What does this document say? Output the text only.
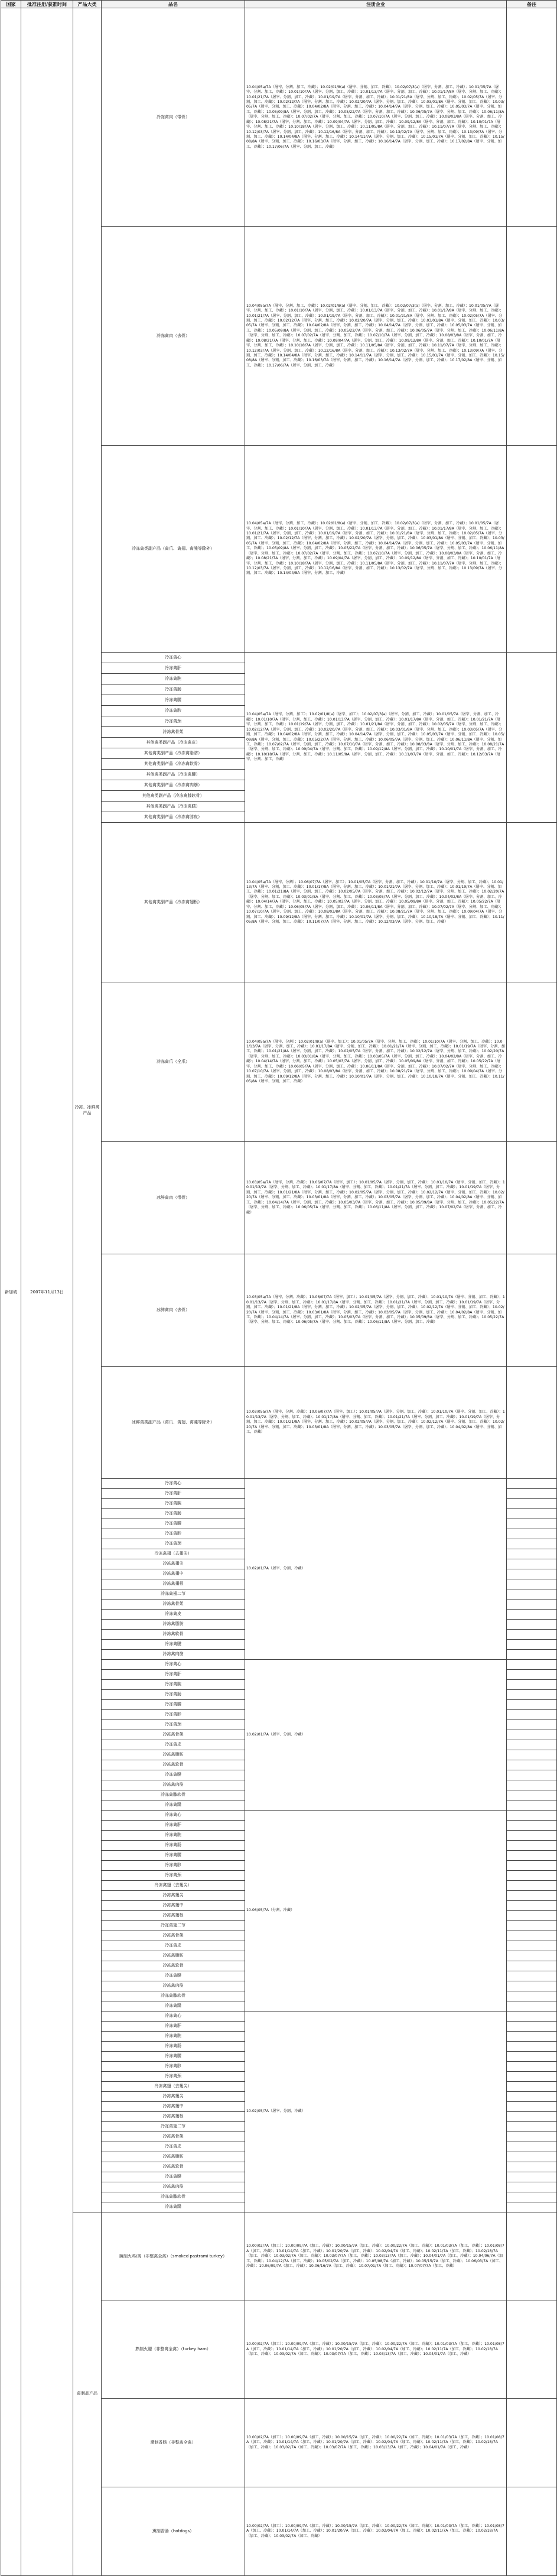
国家	批准注册/获准时间	产品大类	品名	注册企业	备注
新加坡	2007年11月13日	冷冻、冰鲜禽产品	冷冻禽肉（带骨）	10.04/05a/7A（屠宰、分割、加工、冷藏）；10.02/01/8(a)（屠宰、分割、加工、冷藏）；10.02/07/3(a)（屠宰、分割、加工、冷藏）；10.01/05/7A（屠宰、分割、加工、冷藏）；10.01/10/7A（屠宰、分割、加工、冷藏）；10.01/13/7A（屠宰、分割、加工、冷藏）；10.01/17/8A（屠宰、分割、加工、冷藏）；10.01/21/7A（屠宰、分割、加工、冷藏）；10.01/19/7A（屠宰、分割、加工、冷藏）；10.01/21/8A（屠宰、分割、加工、冷藏）；10.02/05/7A（屠宰、分割、加工、冷藏）；10.02/12/7A（屠宰、分割、加工、冷藏）；10.02/20/7A（屠宰、分割、加工、冷藏）；10.03/01/8A（屠宰、分割、加工、冷藏）；10.03/05/7A（屠宰、分割、加工、冷藏）；10.04/02/8A（屠宰、分割、加工、冷藏）；10.04/14/7A（屠宰、分割、加工、冷藏）；10.05/03/7A（屠宰、分割、加工、冷藏）；10.05/09/8A（屠宰、分割、加工、冷藏）；10.05/22/7A（屠宰、分割、加工、冷藏）；10.06/05/7A（屠宰、分割、加工、冷藏）；10.06/11/8A（屠宰、分割、加工、冷藏）；10.07/02/7A（屠宰、分割、加工、冷藏）；10.07/10/7A（屠宰、分割、加工、冷藏）；10.08/03/8A（屠宰、分割、加工、冷藏）；10.08/21/7A（屠宰、分割、加工、冷藏）；10.09/04/7A（屠宰、分割、加工、冷藏）；10.09/12/8A（屠宰、分割、加工、冷藏）；10.10/01/7A（屠宰、分割、加工、冷藏）；10.10/18/7A（屠宰、分割、加工、冷藏）；10.11/05/8A（屠宰、分割、加工、冷藏）；10.11/07/7A（屠宰、分割、加工、冷藏）；10.12/03/7A（屠宰、分割、加工、冷藏）；10.12/16/8A（屠宰、分割、加工、冷藏）；10.13/02/7A（屠宰、分割、加工、冷藏）；10.13/09/7A（屠宰、分割、加工、冷藏）；10.14/04/8A（屠宰、分割、加工、冷藏）；10.14/11/7A（屠宰、分割、加工、冷藏）；10.15/01/7A（屠宰、分割、加工、冷藏）；10.15/08/8A（屠宰、分割、加工、冷藏）；10.16/03/7A（屠宰、分割、加工、冷藏）；10.16/14/7A（屠宰、分割、加工、冷藏）；10.17/02/8A（屠宰、分割、加工、冷藏）；10.17/06/7A（屠宰、分割、加工、冷藏）	
			冷冻禽肉（去骨）	10.04/05a/7A（屠宰、分割、加工、冷藏）；10.02/01/8(a)（屠宰、分割、加工、冷藏）；10.02/07/3(a)（屠宰、分割、加工、冷藏）；10.01/05/7A（屠宰、分割、加工、冷藏）；10.01/10/7A（屠宰、分割、加工、冷藏）；10.01/13/7A（屠宰、分割、加工、冷藏）；10.01/17/8A（屠宰、分割、加工、冷藏）；10.01/21/7A（屠宰、分割、加工、冷藏）；10.01/19/7A（屠宰、分割、加工、冷藏）；10.01/21/8A（屠宰、分割、加工、冷藏）；10.02/05/7A（屠宰、分割、加工、冷藏）；10.02/12/7A（屠宰、分割、加工、冷藏）；10.02/20/7A（屠宰、分割、加工、冷藏）；10.03/01/8A（屠宰、分割、加工、冷藏）；10.03/05/7A（屠宰、分割、加工、冷藏）；10.04/02/8A（屠宰、分割、加工、冷藏）；10.04/14/7A（屠宰、分割、加工、冷藏）；10.05/03/7A（屠宰、分割、加工、冷藏）；10.05/09/8A（屠宰、分割、加工、冷藏）；10.05/22/7A（屠宰、分割、加工、冷藏）；10.06/05/7A（屠宰、分割、加工、冷藏）；10.06/11/8A（屠宰、分割、加工、冷藏）；10.07/02/7A（屠宰、分割、加工、冷藏）；10.07/10/7A（屠宰、分割、加工、冷藏）；10.08/03/8A（屠宰、分割、加工、冷藏）；10.08/21/7A（屠宰、分割、加工、冷藏）；10.09/04/7A（屠宰、分割、加工、冷藏）；10.09/12/8A（屠宰、分割、加工、冷藏）；10.10/01/7A（屠宰、分割、加工、冷藏）；10.10/18/7A（屠宰、分割、加工、冷藏）；10.11/05/8A（屠宰、分割、加工、冷藏）；10.11/07/7A（屠宰、分割、加工、冷藏）；10.12/03/7A（屠宰、分割、加工、冷藏）；10.12/16/8A（屠宰、分割、加工、冷藏）；10.13/02/7A（屠宰、分割、加工、冷藏）；10.13/09/7A（屠宰、分割、加工、冷藏）；10.14/04/8A（屠宰、分割、加工、冷藏）；10.14/11/7A（屠宰、分割、加工、冷藏）；10.15/01/7A（屠宰、分割、加工、冷藏）；10.15/08/8A（屠宰、分割、加工、冷藏）；10.16/03/7A（屠宰、分割、加工、冷藏）；10.16/14/7A（屠宰、分割、加工、冷藏）；10.17/02/8A（屠宰、分割、加工、冷藏）；10.17/06/7A（屠宰、分割、加工、冷藏）	
			冷冻禽类副产品（禽爪、禽翅、禽肫等除外）	10.04/05a/7A（屠宰、分割、加工、冷藏）；10.02/01/8(a)（屠宰、分割、加工、冷藏）；10.02/07/3(a)（屠宰、分割、加工、冷藏）；10.01/05/7A（屠宰、分割、加工、冷藏）；10.01/10/7A（屠宰、分割、加工、冷藏）；10.01/13/7A（屠宰、分割、加工、冷藏）；10.01/17/8A（屠宰、分割、加工、冷藏）；10.01/21/7A（屠宰、分割、加工、冷藏）；10.01/19/7A（屠宰、分割、加工、冷藏）；10.01/21/8A（屠宰、分割、加工、冷藏）；10.02/05/7A（屠宰、分割、加工、冷藏）；10.02/12/7A（屠宰、分割、加工、冷藏）；10.02/20/7A（屠宰、分割、加工、冷藏）；10.03/01/8A（屠宰、分割、加工、冷藏）；10.03/05/7A（屠宰、分割、加工、冷藏）；10.04/02/8A（屠宰、分割、加工、冷藏）；10.04/14/7A（屠宰、分割、加工、冷藏）；10.05/03/7A（屠宰、分割、加工、冷藏）；10.05/09/8A（屠宰、分割、加工、冷藏）；10.05/22/7A（屠宰、分割、加工、冷藏）；10.06/05/7A（屠宰、分割、加工、冷藏）；10.06/11/8A（屠宰、分割、加工、冷藏）；10.07/02/7A（屠宰、分割、加工、冷藏）；10.07/10/7A（屠宰、分割、加工、冷藏）；10.08/03/8A（屠宰、分割、加工、冷藏）；10.08/21/7A（屠宰、分割、加工、冷藏）；10.09/04/7A（屠宰、分割、加工、冷藏）；10.09/12/8A（屠宰、分割、加工、冷藏）；10.10/01/7A（屠宰、分割、加工、冷藏）；10.10/18/7A（屠宰、分割、加工、冷藏）；10.11/05/8A（屠宰、分割、加工、冷藏）；10.11/07/7A（屠宰、分割、加工、冷藏）；10.12/03/7A（屠宰、分割、加工、冷藏）；10.12/16/8A（屠宰、分割、加工、冷藏）；10.13/02/7A（屠宰、分割、加工、冷藏）；10.13/09/7A（屠宰、分割、加工、冷藏）；10.14/04/8A（屠宰、分割、加工、冷藏）	
			冷冻禽心	10.04/05a/7A（屠宰、分割、加工）；10.02/01/8(a)（屠宰、加工）；10.02/07/3(a)（屠宰、分割、加工、冷藏）；10.01/05/7A（屠宰、分割、加工、冷藏）；10.01/10/7A（屠宰、分割、加工、冷藏）；10.01/13/7A（屠宰、分割、加工、冷藏）；10.01/17/8A（屠宰、分割、加工、冷藏）；10.01/21/7A（屠宰、分割、加工、冷藏）；10.01/19/7A（屠宰、分割、加工、冷藏）；10.01/21/8A（屠宰、分割、加工、冷藏）；10.02/05/7A（屠宰、分割、加工、冷藏）；10.02/12/7A（屠宰、分割、加工、冷藏）；10.02/20/7A（屠宰、分割、加工、冷藏）；10.03/01/8A（屠宰、分割、加工、冷藏）；10.03/05/7A（屠宰、分割、加工、冷藏）；10.04/02/8A（屠宰、分割、加工、冷藏）；10.04/14/7A（屠宰、分割、加工、冷藏）；10.05/03/7A（屠宰、分割、加工、冷藏）；10.05/09/8A（屠宰、分割、加工、冷藏）；10.05/22/7A（屠宰、分割、加工、冷藏）；10.06/05/7A（屠宰、分割、加工、冷藏）；10.06/11/8A（屠宰、分割、加工、冷藏）；10.07/02/7A（屠宰、分割、加工、冷藏）；10.07/10/7A（屠宰、分割、加工、冷藏）；10.08/03/8A（屠宰、分割、加工、冷藏）；10.08/21/7A（屠宰、分割、加工、冷藏）；10.09/04/7A（屠宰、分割、加工、冷藏）；10.09/12/8A（屠宰、分割、加工、冷藏）；10.10/01/7A（屠宰、分割、加工、冷藏）；10.10/18/7A（屠宰、分割、加工、冷藏）；10.11/05/8A（屠宰、分割、加工、冷藏）；10.11/07/7A（屠宰、分割、加工、冷藏）；10.12/03/7A（屠宰、分割、加工、冷藏）	
			冷冻禽肝		
			冷冻禽肫		
			冷冻禽肠		
			冷冻禽腰		
			冷冻禽胗		
			冷冻禽颈		
			冷冻禽骨架		
			其他禽类副产品（冷冻禽皮）		
			其他禽类副产品（冷冻禽脂肪）		
			其他禽类副产品（冷冻禽软骨）		
			其他禽类副产品（冷冻禽腱）		
			其他禽类副产品（冷冻禽肉筋）		
			其他禽类副产品（冷冻禽膝软骨）		
			其他禽类副产品（冷冻禽蹼）		
			其他禽类副产品（冷冻禽脖皮）		
			其他禽类副产品（冷冻禽翅根）	10.04/05a/7A（屠宰、分割）；10.06/07/7A（屠宰、加工）；10.01/05/7A（屠宰、分割、加工、冷藏）；10.01/10/7A（屠宰、分割、加工、冷藏）；10.01/13/7A（屠宰、分割、加工、冷藏）；10.01/17/8A（屠宰、分割、加工、冷藏）；10.01/21/7A（屠宰、分割、加工、冷藏）；10.01/19/7A（屠宰、分割、加工、冷藏）；10.01/21/8A（屠宰、分割、加工、冷藏）；10.02/05/7A（屠宰、分割、加工、冷藏）；10.02/12/7A（屠宰、分割、加工、冷藏）；10.02/20/7A（屠宰、分割、加工、冷藏）；10.03/01/8A（屠宰、分割、加工、冷藏）；10.03/05/7A（屠宰、分割、加工、冷藏）；10.04/02/8A（屠宰、分割、加工、冷藏）；10.04/14/7A（屠宰、分割、加工、冷藏）；10.05/03/7A（屠宰、分割、加工、冷藏）；10.05/09/8A（屠宰、分割、加工、冷藏）；10.05/22/7A（屠宰、分割、加工、冷藏）；10.06/05/7A（屠宰、分割、加工、冷藏）；10.06/11/8A（屠宰、分割、加工、冷藏）；10.07/02/7A（屠宰、分割、加工、冷藏）；10.07/10/7A（屠宰、分割、加工、冷藏）；10.08/03/8A（屠宰、分割、加工、冷藏）；10.08/21/7A（屠宰、分割、加工、冷藏）；10.09/04/7A（屠宰、分割、加工、冷藏）；10.09/12/8A（屠宰、分割、加工、冷藏）；10.10/01/7A（屠宰、分割、加工、冷藏）；10.10/18/7A（屠宰、分割、加工、冷藏）；10.11/05/8A（屠宰、分割、加工、冷藏）；10.11/07/7A（屠宰、分割、加工、冷藏）；10.12/03/7A（屠宰、分割、加工、冷藏）	
			冷冻禽爪（全爪）	10.04/05a/7A（屠宰、分割）；10.02/01/8(a)（屠宰、加工）；10.01/05/7A（屠宰、分割、加工、冷藏）；10.01/10/7A（屠宰、分割、加工、冷藏）；10.01/13/7A（屠宰、分割、加工、冷藏）；10.01/17/8A（屠宰、分割、加工、冷藏）；10.01/21/7A（屠宰、分割、加工、冷藏）；10.01/19/7A（屠宰、分割、加工、冷藏）；10.01/21/8A（屠宰、分割、加工、冷藏）；10.02/05/7A（屠宰、分割、加工、冷藏）；10.02/12/7A（屠宰、分割、加工、冷藏）；10.02/20/7A（屠宰、分割、加工、冷藏）；10.03/01/8A（屠宰、分割、加工、冷藏）；10.03/05/7A（屠宰、分割、加工、冷藏）；10.04/02/8A（屠宰、分割、加工、冷藏）；10.04/14/7A（屠宰、分割、加工、冷藏）；10.05/03/7A（屠宰、分割、加工、冷藏）；10.05/09/8A（屠宰、分割、加工、冷藏）；10.05/22/7A（屠宰、分割、加工、冷藏）；10.06/05/7A（屠宰、分割、加工、冷藏）；10.06/11/8A（屠宰、分割、加工、冷藏）；10.07/02/7A（屠宰、分割、加工、冷藏）；10.07/10/7A（屠宰、分割、加工、冷藏）；10.08/03/8A（屠宰、分割、加工、冷藏）；10.08/21/7A（屠宰、分割、加工、冷藏）；10.09/04/7A（屠宰、分割、加工、冷藏）；10.09/12/8A（屠宰、分割、加工、冷藏）；10.10/01/7A（屠宰、分割、加工、冷藏）；10.10/18/7A（屠宰、分割、加工、冷藏）；10.11/05/8A（屠宰、分割、加工、冷藏）	
			冰鲜禽肉（带骨）	10.03/05a/7A（屠宰、分割、冷藏）；10.06/07/7A（屠宰、加工）；10.01/05/7A（屠宰、分割、加工、冷藏）；10.01/10/7A（屠宰、分割、加工、冷藏）；10.01/13/7A（屠宰、分割、加工、冷藏）；10.01/17/8A（屠宰、分割、加工、冷藏）；10.01/21/7A（屠宰、分割、加工、冷藏）；10.01/19/7A（屠宰、分割、加工、冷藏）；10.01/21/8A（屠宰、分割、加工、冷藏）；10.02/05/7A（屠宰、分割、加工、冷藏）；10.02/12/7A（屠宰、分割、加工、冷藏）；10.02/20/7A（屠宰、分割、加工、冷藏）；10.03/01/8A（屠宰、分割、加工、冷藏）；10.03/05/7A（屠宰、分割、加工、冷藏）；10.04/02/8A（屠宰、分割、加工、冷藏）；10.04/14/7A（屠宰、分割、加工、冷藏）；10.05/03/7A（屠宰、分割、加工、冷藏）；10.05/09/8A（屠宰、分割、加工、冷藏）；10.05/22/7A（屠宰、分割、加工、冷藏）；10.06/05/7A（屠宰、分割、加工、冷藏）；10.06/11/8A（屠宰、分割、加工、冷藏）；10.07/02/7A（屠宰、分割、加工、冷藏）	
			冰鲜禽肉（去骨）	10.03/05a/7A（屠宰、分割、冷藏）；10.06/07/7A（屠宰、加工）；10.01/05/7A（屠宰、分割、加工、冷藏）；10.01/10/7A（屠宰、分割、加工、冷藏）；10.01/13/7A（屠宰、分割、加工、冷藏）；10.01/17/8A（屠宰、分割、加工、冷藏）；10.01/21/7A（屠宰、分割、加工、冷藏）；10.01/19/7A（屠宰、分割、加工、冷藏）；10.01/21/8A（屠宰、分割、加工、冷藏）；10.02/05/7A（屠宰、分割、加工、冷藏）；10.02/12/7A（屠宰、分割、加工、冷藏）；10.02/20/7A（屠宰、分割、加工、冷藏）；10.03/01/8A（屠宰、分割、加工、冷藏）；10.03/05/7A（屠宰、分割、加工、冷藏）；10.04/02/8A（屠宰、分割、加工、冷藏）；10.04/14/7A（屠宰、分割、加工、冷藏）；10.05/03/7A（屠宰、分割、加工、冷藏）；10.05/09/8A（屠宰、分割、加工、冷藏）；10.05/22/7A（屠宰、分割、加工、冷藏）；10.06/05/7A（屠宰、分割、加工、冷藏）；10.06/11/8A（屠宰、分割、加工、冷藏）	
			冰鲜禽类副产品（禽爪、禽翅、禽肫等除外）	10.03/05a/7A（屠宰、分割、冷藏）；10.06/07/7A（屠宰、加工）；10.01/05/7A（屠宰、分割、加工、冷藏）；10.01/10/7A（屠宰、分割、加工、冷藏）；10.01/13/7A（屠宰、分割、加工、冷藏）；10.01/17/8A（屠宰、分割、加工、冷藏）；10.01/21/7A（屠宰、分割、加工、冷藏）；10.01/19/7A（屠宰、分割、加工、冷藏）；10.01/21/8A（屠宰、分割、加工、冷藏）；10.02/05/7A（屠宰、分割、加工、冷藏）；10.02/12/7A（屠宰、分割、加工、冷藏）；10.02/20/7A（屠宰、分割、加工、冷藏）；10.03/01/8A（屠宰、分割、加工、冷藏）；10.03/05/7A（屠宰、分割、加工、冷藏）；10.04/02/8A（屠宰、分割、加工、冷藏）	
			冷冻禽心	10.02/01/7A（屠宰、分割、冷藏）	
			冷冻禽肝		
			冷冻禽肫		
			冷冻禽肠		
			冷冻禽腰		
			冷冻禽胗		
			冷冻禽颈		
			冷冻禽翅（去翅尖）		
			冷冻禽翅尖		
			冷冻禽翅中		
			冷冻禽翅根		
			冷冻禽翅二节		
			冷冻禽骨架		
			冷冻禽皮		
			冷冻禽脂肪		
			冷冻禽软骨		
			冷冻禽腱		
			冷冻禽肉筋		
			冷冻禽心	10.02/01/7A（屠宰、分割、冷藏）	
			冷冻禽肝		
			冷冻禽肫		
			冷冻禽肠		
			冷冻禽腰		
			冷冻禽胗		
			冷冻禽颈		
			冷冻禽骨架		
			冷冻禽皮		
			冷冻禽脂肪		
			冷冻禽软骨		
			冷冻禽腱		
			冷冻禽肉筋		
			冷冻禽膝软骨		
			冷冻禽蹼		
			冷冻禽心	10.06/05/7A（分割、冷藏）	
			冷冻禽肝		
			冷冻禽肫		
			冷冻禽肠		
			冷冻禽腰		
			冷冻禽胗		
			冷冻禽颈		
			冷冻禽翅（去翅尖）		
			冷冻禽翅尖		
			冷冻禽翅中		
			冷冻禽翅根		
			冷冻禽翅二节		
			冷冻禽骨架		
			冷冻禽皮		
			冷冻禽脂肪		
			冷冻禽软骨		
			冷冻禽腱		
			冷冻禽肉筋		
			冷冻禽膝软骨		
			冷冻禽蹼		
			冷冻禽心	10.02/05/7A（屠宰、分割、冷藏）	
			冷冻禽肝		
			冷冻禽肫		
			冷冻禽肠		
			冷冻禽腰		
			冷冻禽胗		
			冷冻禽颈		
			冷冻禽翅（去翅尖）		
			冷冻禽翅尖		
			冷冻禽翅中		
			冷冻禽翅根		
			冷冻禽翅二节		
			冷冻禽骨架		
			冷冻禽皮		
			冷冻禽脂肪		
			冷冻禽软骨		
			冷冻禽腱		
			冷冻禽肉筋		
			冷冻禽膝软骨		
			冷冻禽蹼		
		禽制品产品	腌制火鸡/禽（非整禽全禽）（smoked pastrami turkey）	10.00/02/7A（加工）；10.00/09/7A（加工、冷藏）；10.00/15/7A（加工、冷藏）；10.00/22/7A（加工、冷藏）；10.01/03/7A（加工、冷藏）；10.01/08/7A（加工、冷藏）；10.01/14/7A（加工、冷藏）；10.01/20/7A（加工、冷藏）；10.02/04/7A（加工、冷藏）；10.02/11/7A（加工、冷藏）；10.02/18/7A（加工、冷藏）；10.03/02/7A（加工、冷藏）；10.03/07/7A（加工、冷藏）；10.03/13/7A（加工、冷藏）；10.04/01/7A（加工、冷藏）；10.04/06/7A（加工、冷藏）；10.04/12/7A（加工、冷藏）；10.05/02/7A（加工、冷藏）；10.05/08/7A（加工、冷藏）；10.05/15/7A（加工、冷藏）；10.06/03/7A（加工、冷藏）；10.06/09/7A（加工、冷藏）；10.06/16/7A（加工、冷藏）；10.07/01/7A（加工、冷藏）；10.07/07/7A（加工、冷藏）	
			熟制火腿（非整禽全禽）（turkey ham）	10.00/02/7A（加工）；10.00/09/7A（加工、冷藏）；10.00/15/7A（加工、冷藏）；10.00/22/7A（加工、冷藏）；10.01/03/7A（加工、冷藏）；10.01/08/7A（加工、冷藏）；10.01/14/7A（加工、冷藏）；10.01/20/7A（加工、冷藏）；10.02/04/7A（加工、冷藏）；10.02/11/7A（加工、冷藏）；10.02/18/7A（加工、冷藏）；10.03/02/7A（加工、冷藏）；10.03/07/7A（加工、冷藏）；10.03/13/7A（加工、冷藏）；10.04/01/7A（加工、冷藏）	
			熏制香肠（非整禽全禽）	10.00/02/7A（加工）；10.00/09/7A（加工、冷藏）；10.00/15/7A（加工、冷藏）；10.00/22/7A（加工、冷藏）；10.01/03/7A（加工、冷藏）；10.01/08/7A（加工、冷藏）；10.01/14/7A（加工、冷藏）；10.01/20/7A（加工、冷藏）；10.02/04/7A（加工、冷藏）；10.02/11/7A（加工、冷藏）；10.02/18/7A（加工、冷藏）；10.03/02/7A（加工、冷藏）；10.03/07/7A（加工、冷藏）；10.03/13/7A（加工、冷藏）；10.04/01/7A（加工、冷藏）	
			熏制香肠（hotdogs）	10.00/02/7A（加工）；10.00/09/7A（加工、冷藏）；10.00/15/7A（加工、冷藏）；10.00/22/7A（加工、冷藏）；10.01/03/7A（加工、冷藏）；10.01/08/7A（加工、冷藏）；10.01/14/7A（加工、冷藏）；10.01/20/7A（加工、冷藏）；10.02/04/7A（加工、冷藏）；10.02/11/7A（加工、冷藏）；10.02/18/7A（加工、冷藏）；10.03/02/7A（加工、冷藏）	
